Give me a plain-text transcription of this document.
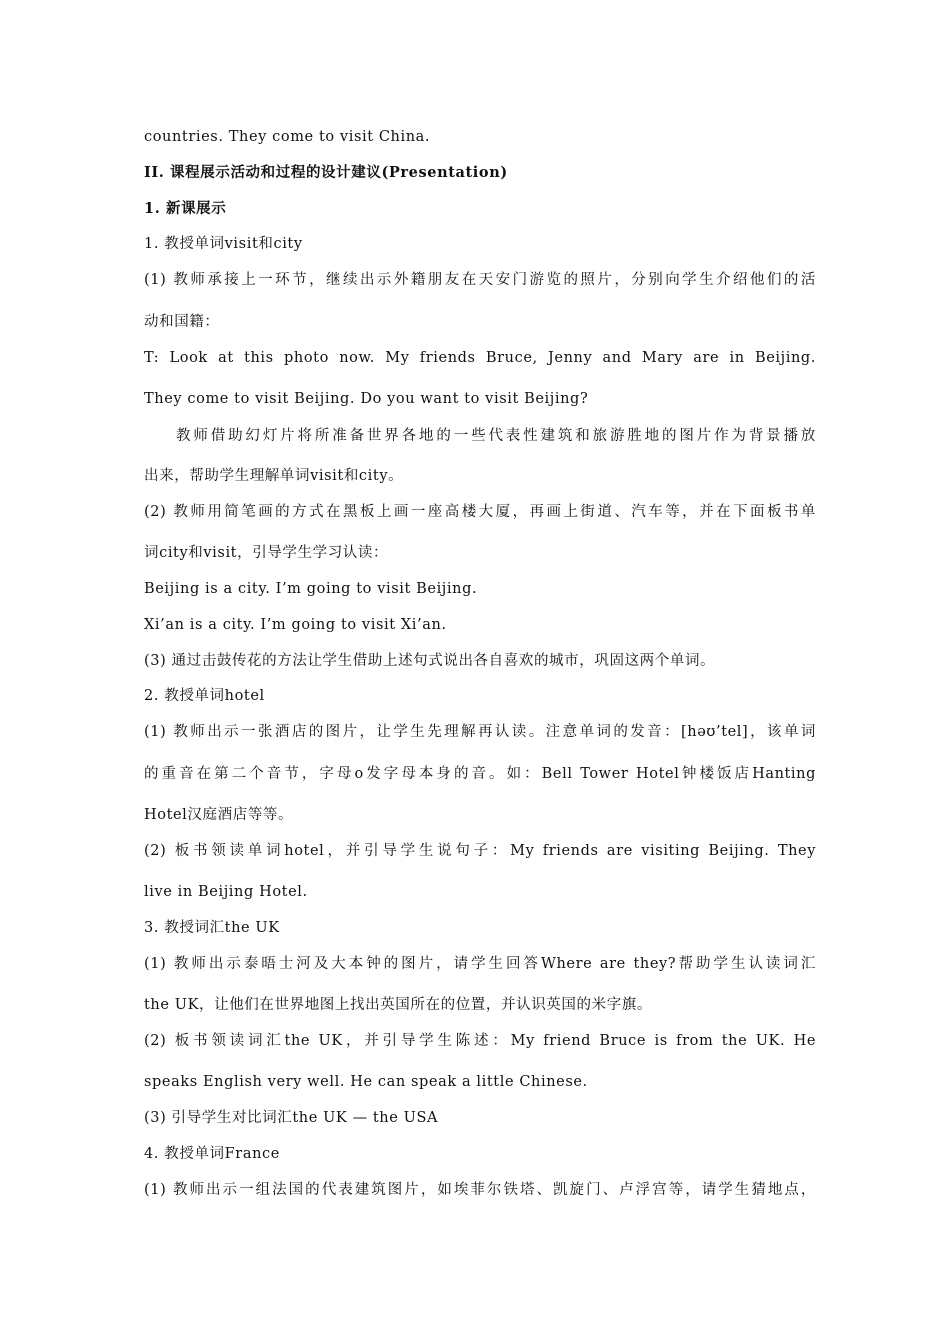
countries. They come to visit China.
II. 课程展示活动和过程的设计建议(Presentation)
1. 新课展示
1. 教授单词visit和city
(1) 教师承接上一环节，继续出示外籍朋友在天安门游览的照片，分别向学生介绍他们的活
动和国籍：
T: Look at this photo now. My friends Bruce, Jenny and Mary are in Beijing.
They come to visit Beijing. Do you want to visit Beijing?
教师借助幻灯片将所准备世界各地的一些代表性建筑和旅游胜地的图片作为背景播放
出来，帮助学生理解单词visit和city。
(2) 教师用简笔画的方式在黑板上画一座高楼大厦，再画上街道、汽车等，并在下面板书单
词city和visit，引导学生学习认读：
Beijing is a city. I’m going to visit Beijing.
Xi’an is a city. I’m going to visit Xi’an.
(3) 通过击鼓传花的方法让学生借助上述句式说出各自喜欢的城市，巩固这两个单词。
2. 教授单词hotel
(1) 教师出示一张酒店的图片，让学生先理解再认读。注意单词的发音：[həʊ’tel]，该单词
的重音在第二个音节，字母o发字母本身的音。如：Bell Tower Hotel钟楼饭店Hanting
Hotel汉庭酒店等等。
(2) 板书领读单词hotel，并引导学生说句子：My friends are visiting Beijing. They
live in Beijing Hotel.
3. 教授词汇the UK
(1) 教师出示泰晤士河及大本钟的图片，请学生回答Where are they?帮助学生认读词汇
the UK，让他们在世界地图上找出英国所在的位置，并认识英国的米字旗。
(2) 板书领读词汇the UK，并引导学生陈述：My friend Bruce is from the UK. He
speaks English very well. He can speak a little Chinese.
(3) 引导学生对比词汇the UK — the USA
4. 教授单词France
(1) 教师出示一组法国的代表建筑图片，如埃菲尔铁塔、凯旋门、卢浮宫等，请学生猜地点，
